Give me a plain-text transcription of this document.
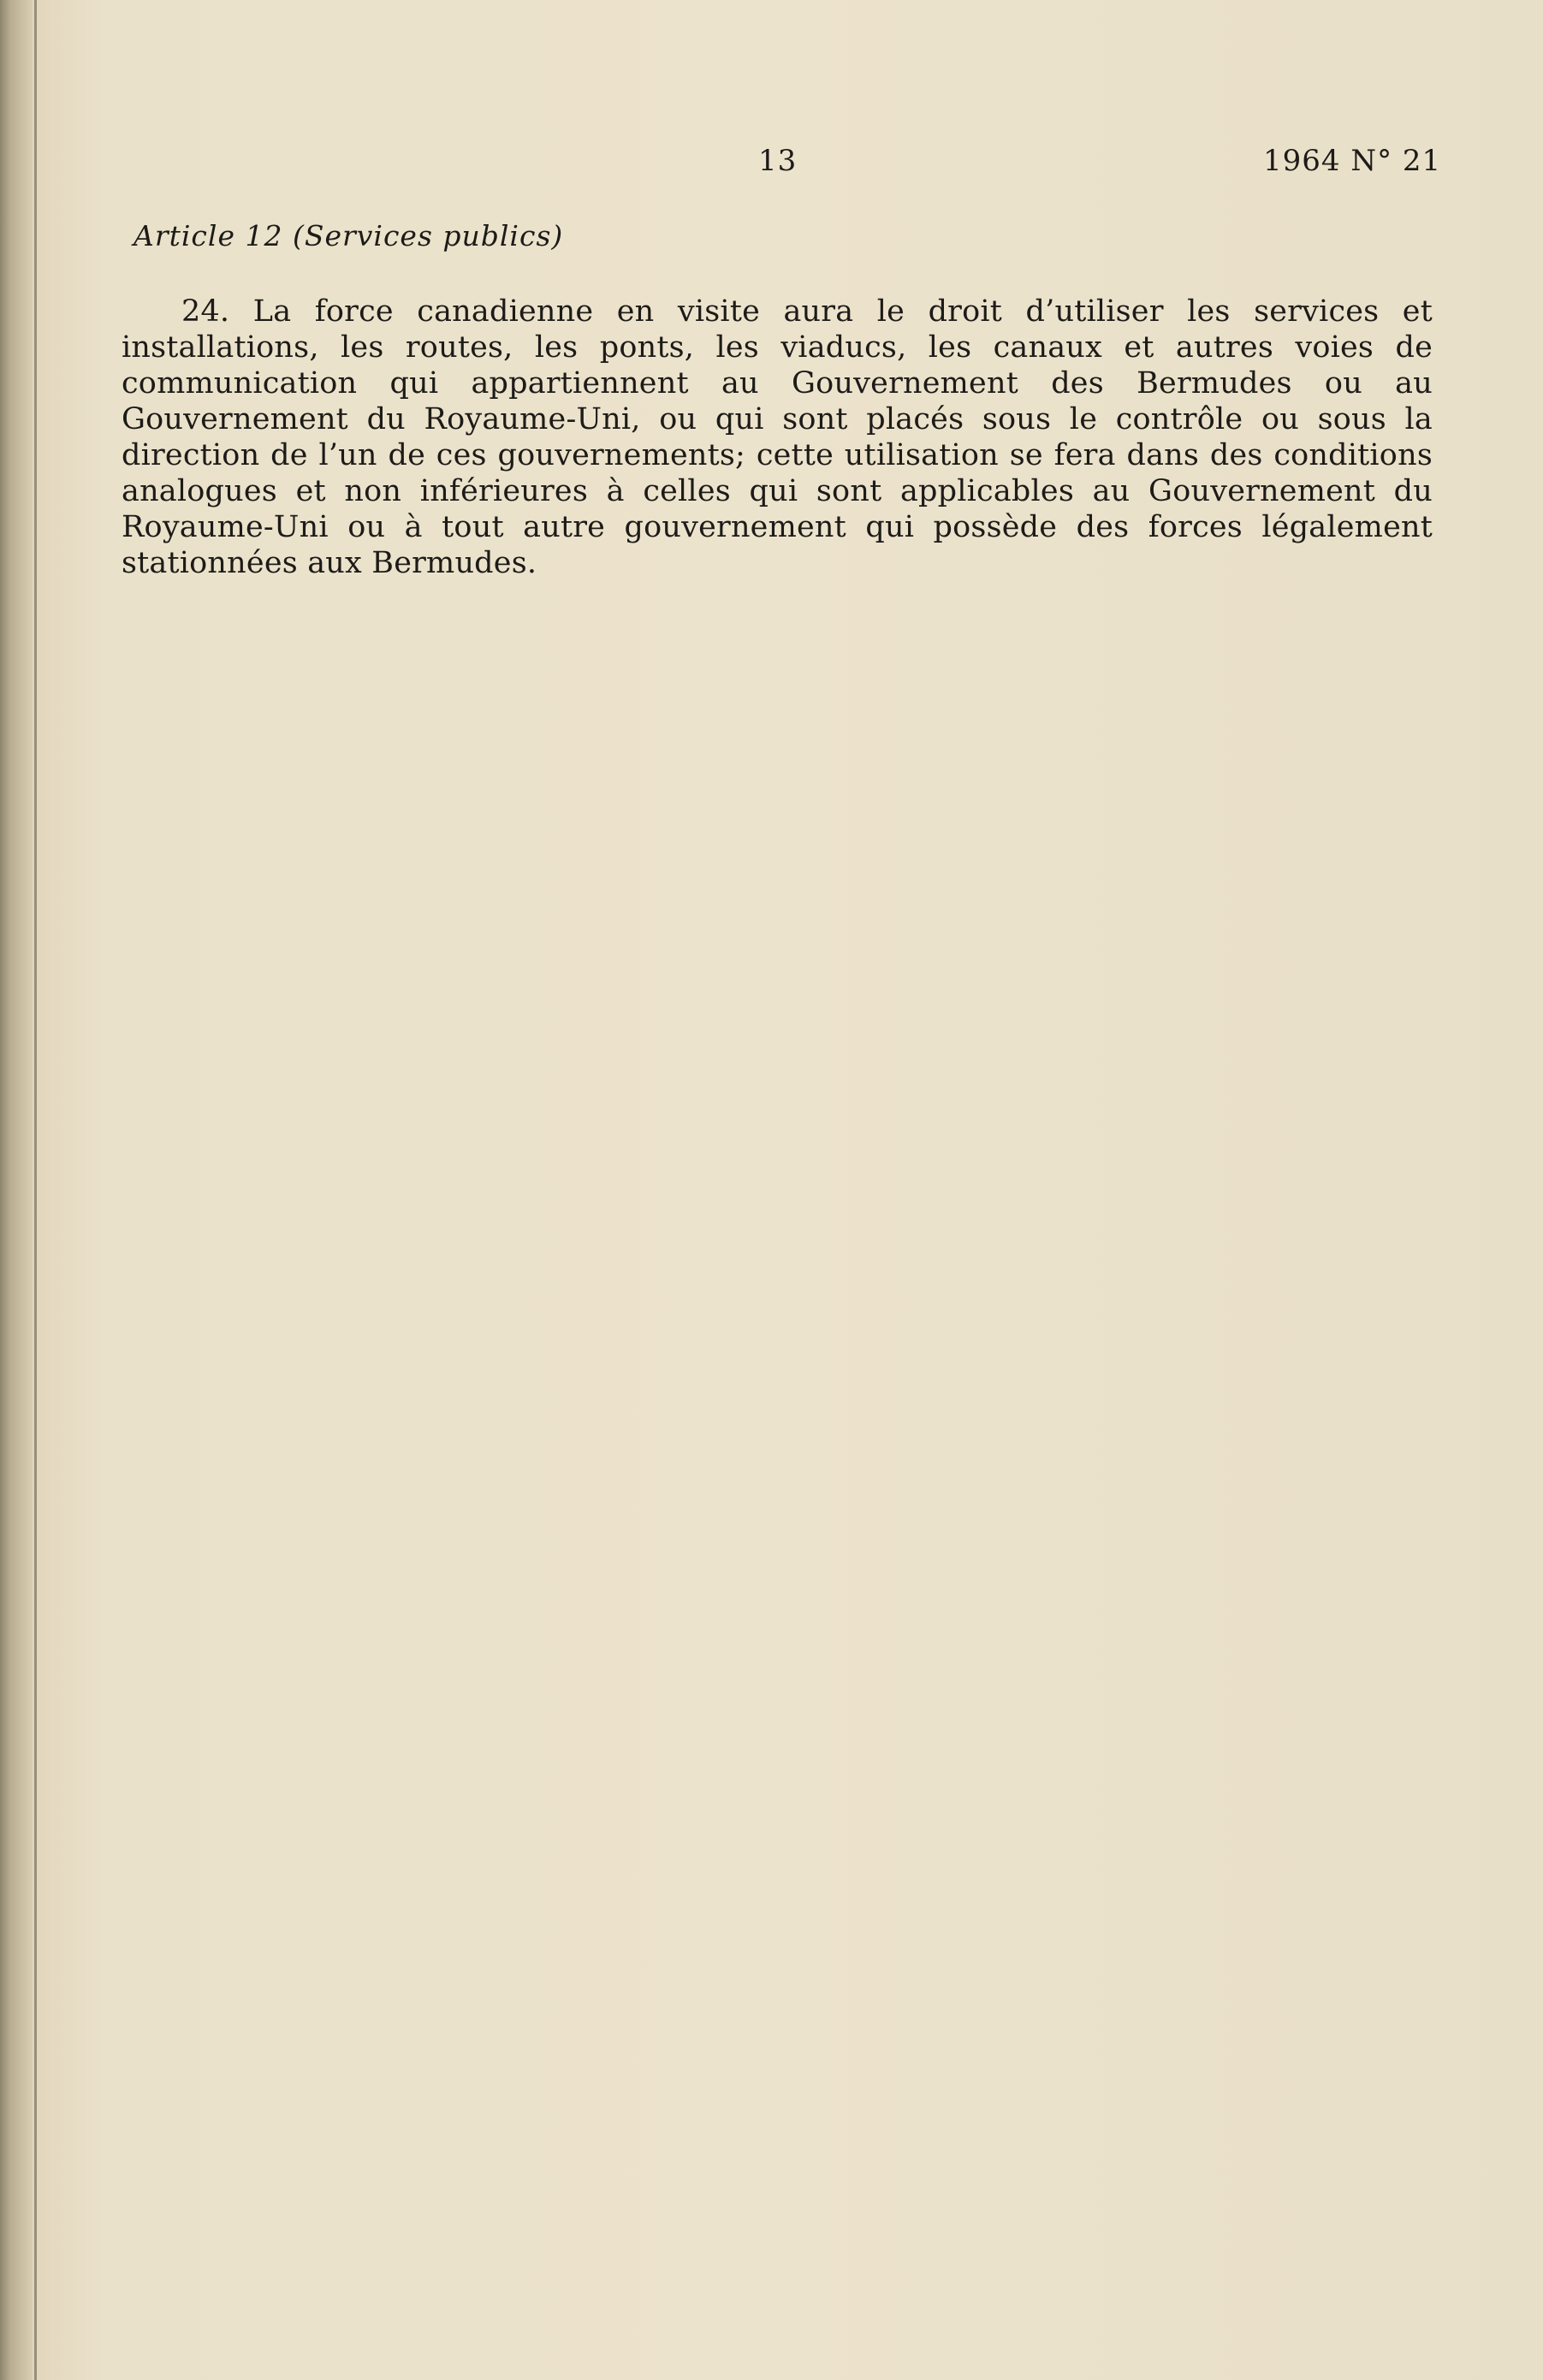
13	1964 N° 21
Article 12 (Services publics)

24. La force canadienne en visite aura le droit d’utiliser les services et installations, les routes, les ponts, les viaducs, les canaux et autres voies de communication qui appartiennent au Gouvernement des Bermudes ou au Gouvernement du Royaume-Uni, ou qui sont placés sous le contrôle ou sous la direction de l’un de ces gouvernements; cette utilisation se fera dans des conditions analogues et non inférieures à celles qui sont applicables au Gouvernement du Royaume-Uni ou à tout autre gouvernement qui possède des forces légalement stationnées aux Bermudes.
